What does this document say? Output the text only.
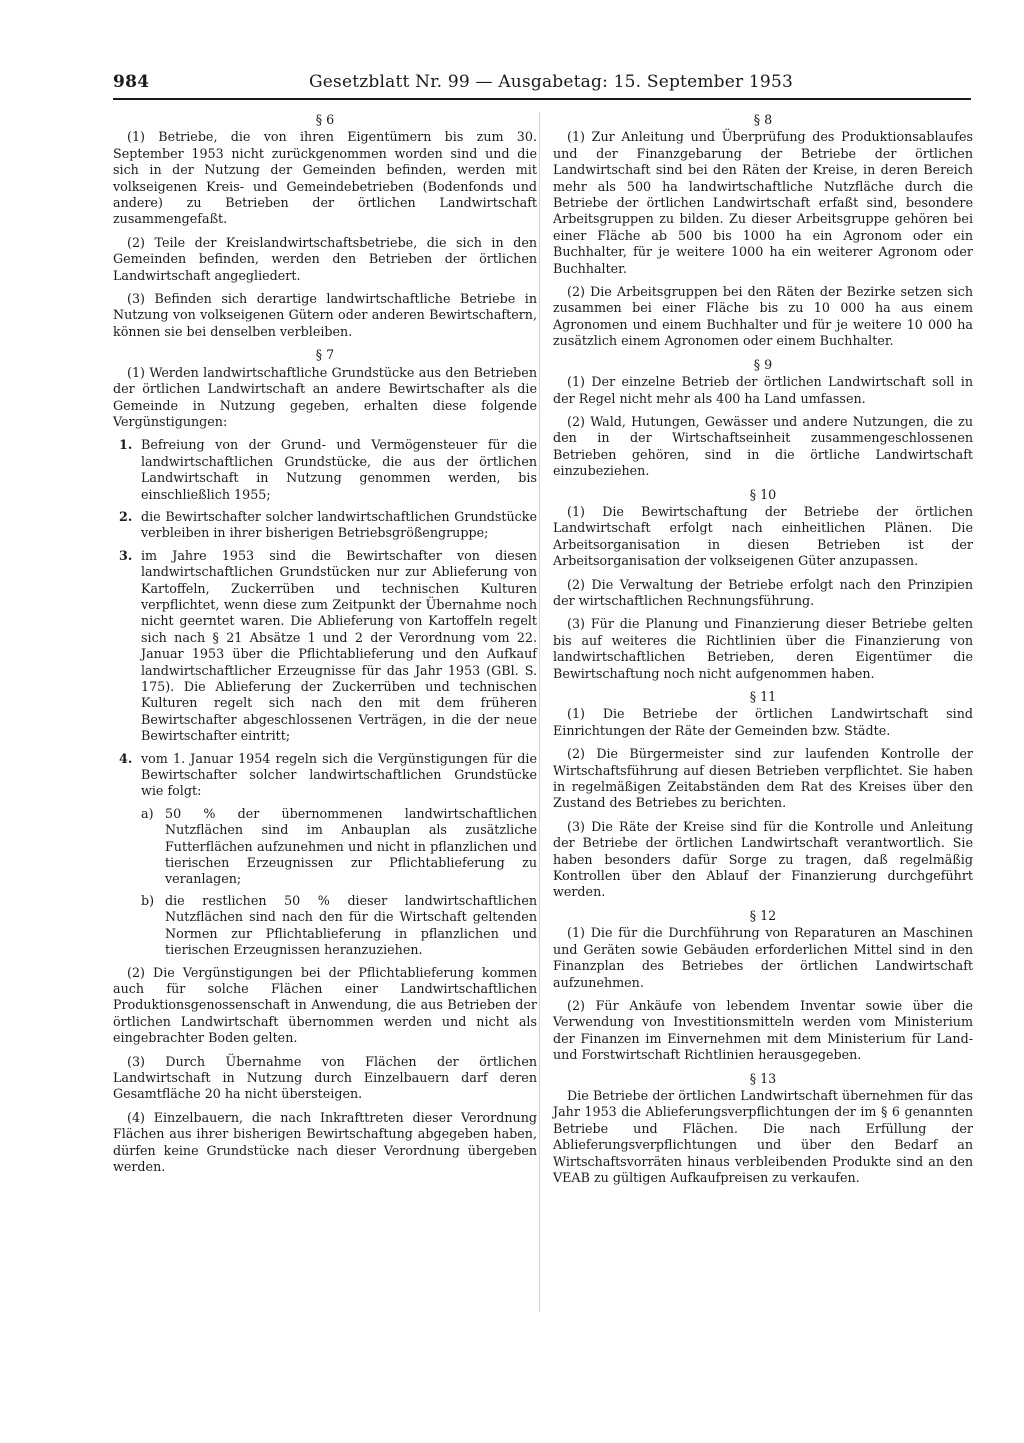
984	Gesetzblatt Nr. 99 — Ausgabetag: 15. September 1953
§ 6

(1) Betriebe, die von ihren Eigentümern bis zum 30. September 1953 nicht zurückgenommen worden sind und die sich in der Nutzung der Gemeinden befinden, werden mit volkseigenen Kreis- und Gemeindebetrieben (Bodenfonds und andere) zu Betrieben der örtlichen Landwirtschaft zusammengefaßt.

(2) Teile der Kreislandwirtschaftsbetriebe, die sich in den Gemeinden befinden, werden den Betrieben der örtlichen Landwirtschaft angegliedert.

(3) Befinden sich derartige landwirtschaftliche Betriebe in Nutzung von volkseigenen Gütern oder anderen Bewirtschaftern, können sie bei denselben verbleiben.

§ 7

(1) Werden landwirtschaftliche Grundstücke aus den Betrieben der örtlichen Landwirtschaft an andere Bewirtschafter als die Gemeinde in Nutzung gegeben, erhalten diese folgende Vergünstigungen:

1. Befreiung von der Grund- und Vermögensteuer für die landwirtschaftlichen Grundstücke, die aus der örtlichen Landwirtschaft in Nutzung genommen werden, bis einschließlich 1955;
2. die Bewirtschafter solcher landwirtschaftlichen Grundstücke verbleiben in ihrer bisherigen Betriebsgrößengruppe;
3. im Jahre 1953 sind die Bewirtschafter von diesen landwirtschaftlichen Grundstücken nur zur Ablieferung von Kartoffeln, Zuckerrüben und technischen Kulturen verpflichtet, wenn diese zum Zeitpunkt der Übernahme noch nicht geerntet waren. Die Ablieferung von Kartoffeln regelt sich nach § 21 Absätze 1 und 2 der Verordnung vom 22. Januar 1953 über die Pflichtablieferung und den Aufkauf landwirtschaftlicher Erzeugnisse für das Jahr 1953 (GBl. S. 175). Die Ablieferung der Zuckerrüben und technischen Kulturen regelt sich nach den mit dem früheren Bewirtschafter abgeschlossenen Verträgen, in die der neue Bewirtschafter eintritt;
4. vom 1. Januar 1954 regeln sich die Vergünstigungen für die Bewirtschafter solcher landwirtschaftlichen Grundstücke wie folgt:
a) 50 % der übernommenen landwirtschaftlichen Nutzflächen sind im Anbauplan als zusätzliche Futterflächen aufzunehmen und nicht in pflanzlichen und tierischen Erzeugnissen zur Pflichtablieferung zu veranlagen;
b) die restlichen 50 % dieser landwirtschaftlichen Nutzflächen sind nach den für die Wirtschaft geltenden Normen zur Pflichtablieferung in pflanzlichen und tierischen Erzeugnissen heranzuziehen.

(2) Die Vergünstigungen bei der Pflichtablieferung kommen auch für solche Flächen einer Landwirtschaftlichen Produktionsgenossenschaft in Anwendung, die aus Betrieben der örtlichen Landwirtschaft übernommen werden und nicht als eingebrachter Boden gelten.

(3) Durch Übernahme von Flächen der örtlichen Landwirtschaft in Nutzung durch Einzelbauern darf deren Gesamtfläche 20 ha nicht übersteigen.

(4) Einzelbauern, die nach Inkrafttreten dieser Verordnung Flächen aus ihrer bisherigen Bewirtschaftung abgegeben haben, dürfen keine Grundstücke nach dieser Verordnung übergeben werden.

§ 8

(1) Zur Anleitung und Überprüfung des Produktionsablaufes und der Finanzgebarung der Betriebe der örtlichen Landwirtschaft sind bei den Räten der Kreise, in deren Bereich mehr als 500 ha landwirtschaftliche Nutzfläche durch die Betriebe der örtlichen Landwirtschaft erfaßt sind, besondere Arbeitsgruppen zu bilden. Zu dieser Arbeitsgruppe gehören bei einer Fläche ab 500 bis 1000 ha ein Agronom oder ein Buchhalter, für je weitere 1000 ha ein weiterer Agronom oder Buchhalter.

(2) Die Arbeitsgruppen bei den Räten der Bezirke setzen sich zusammen bei einer Fläche bis zu 10 000 ha aus einem Agronomen und einem Buchhalter und für je weitere 10 000 ha zusätzlich einem Agronomen oder einem Buchhalter.

§ 9

(1) Der einzelne Betrieb der örtlichen Landwirtschaft soll in der Regel nicht mehr als 400 ha Land umfassen.

(2) Wald, Hutungen, Gewässer und andere Nutzungen, die zu den in der Wirtschaftseinheit zusammengeschlossenen Betrieben gehören, sind in die örtliche Landwirtschaft einzubeziehen.

§ 10

(1) Die Bewirtschaftung der Betriebe der örtlichen Landwirtschaft erfolgt nach einheitlichen Plänen. Die Arbeitsorganisation in diesen Betrieben ist der Arbeitsorganisation der volkseigenen Güter anzupassen.

(2) Die Verwaltung der Betriebe erfolgt nach den Prinzipien der wirtschaftlichen Rechnungsführung.

(3) Für die Planung und Finanzierung dieser Betriebe gelten bis auf weiteres die Richtlinien über die Finanzierung von landwirtschaftlichen Betrieben, deren Eigentümer die Bewirtschaftung noch nicht aufgenommen haben.

§ 11

(1) Die Betriebe der örtlichen Landwirtschaft sind Einrichtungen der Räte der Gemeinden bzw. Städte.

(2) Die Bürgermeister sind zur laufenden Kontrolle der Wirtschaftsführung auf diesen Betrieben verpflichtet. Sie haben in regelmäßigen Zeitabständen dem Rat des Kreises über den Zustand des Betriebes zu berichten.

(3) Die Räte der Kreise sind für die Kontrolle und Anleitung der Betriebe der örtlichen Landwirtschaft verantwortlich. Sie haben besonders dafür Sorge zu tragen, daß regelmäßig Kontrollen über den Ablauf der Finanzierung durchgeführt werden.

§ 12

(1) Die für die Durchführung von Reparaturen an Maschinen und Geräten sowie Gebäuden erforderlichen Mittel sind in den Finanzplan des Betriebes der örtlichen Landwirtschaft aufzunehmen.

(2) Für Ankäufe von lebendem Inventar sowie über die Verwendung von Investitionsmitteln werden vom Ministerium der Finanzen im Einvernehmen mit dem Ministerium für Land- und Forstwirtschaft Richtlinien herausgegeben.

§ 13

Die Betriebe der örtlichen Landwirtschaft übernehmen für das Jahr 1953 die Ablieferungsverpflichtungen der im § 6 genannten Betriebe und Flächen. Die nach Erfüllung der Ablieferungsverpflichtungen und über den Bedarf an Wirtschaftsvorräten hinaus verbleibenden Produkte sind an den VEAB zu gültigen Aufkaufpreisen zu verkaufen.
